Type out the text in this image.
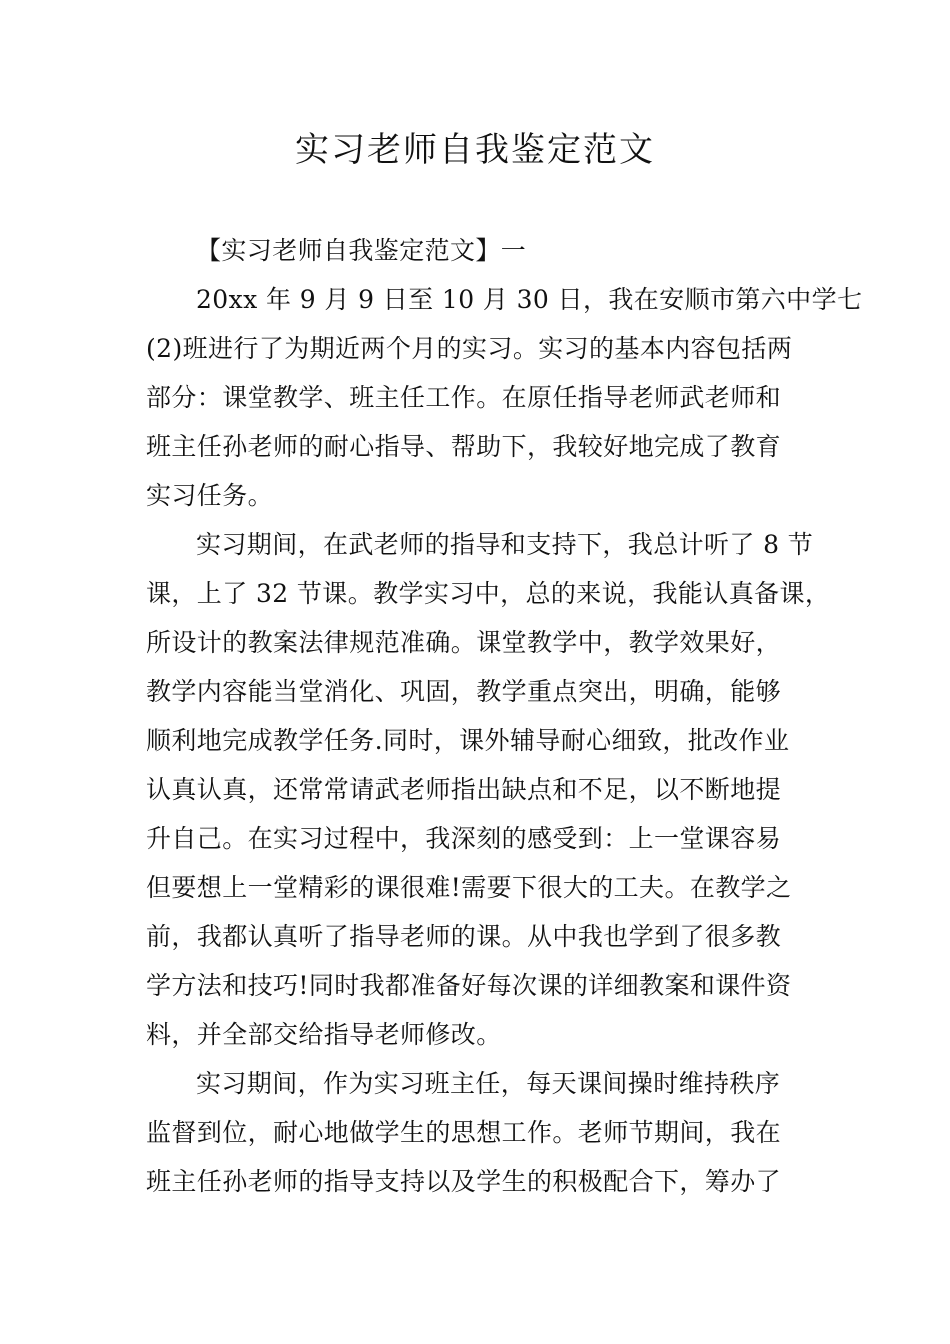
实习老师自我鉴定范文
【实习老师自我鉴定范文】一
20xx 年 9 月 9 日至 10 月 30 日，我在安顺市第六中学七
(2)班进行了为期近两个月的实习。实习的基本内容包括两
部分：课堂教学、班主任工作。在原任指导老师武老师和
班主任孙老师的耐心指导、帮助下，我较好地完成了教育
实习任务。
实习期间，在武老师的指导和支持下，我总计听了 8 节
课，上了 32 节课。教学实习中，总的来说，我能认真备课，
所设计的教案法律规范准确。课堂教学中，教学效果好，
教学内容能当堂消化、巩固，教学重点突出，明确，能够
顺利地完成教学任务.同时，课外辅导耐心细致，批改作业
认真认真，还常常请武老师指出缺点和不足，以不断地提
升自己。在实习过程中，我深刻的感受到：上一堂课容易
但要想上一堂精彩的课很难!需要下很大的工夫。在教学之
前，我都认真听了指导老师的课。从中我也学到了很多教
学方法和技巧!同时我都准备好每次课的详细教案和课件资
料，并全部交给指导老师修改。
实习期间，作为实习班主任，每天课间操时维持秩序
监督到位，耐心地做学生的思想工作。老师节期间，我在
班主任孙老师的指导支持以及学生的积极配合下，筹办了
